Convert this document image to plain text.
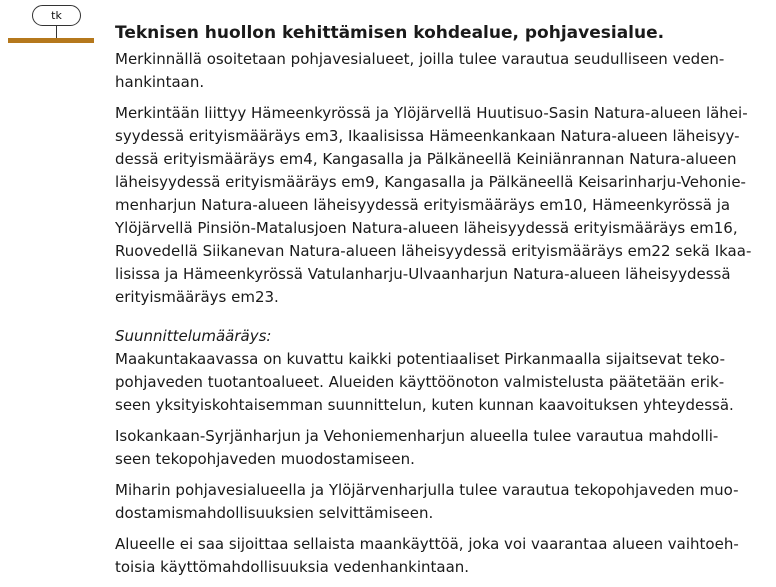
tk
Teknisen huollon kehittämisen kohdealue, pohjavesialue.
Merkinnällä osoitetaan pohjavesialueet, joilla tulee varautua seudulliseen veden-
hankintaan.
Merkintään liittyy Hämeenkyrössä ja Ylöjärvellä Huutisuo-Sasin Natura-alueen lähei-
syydessä erityismääräys em3, Ikaalisissa Hämeenkankaan Natura-alueen läheisyy-
dessä erityismääräys em4, Kangasalla ja Pälkäneellä Keiniänrannan Natura-alueen
läheisyydessä erityismääräys em9, Kangasalla ja Pälkäneellä Keisarinharju-Vehonie-
menharjun Natura-alueen läheisyydessä erityismääräys em10, Hämeenkyrössä ja
Ylöjärvellä Pinsiön-Matalusjoen Natura-alueen läheisyydessä erityismääräys em16,
Ruovedellä Siikanevan Natura-alueen läheisyydessä erityismääräys em22 sekä Ikaa-
lisissa ja Hämeenkyrössä Vatulanharju-Ulvaanharjun Natura-alueen läheisyydessä
erityismääräys em23.
Suunnittelumääräys:
Maakuntakaavassa on kuvattu kaikki potentiaaliset Pirkanmaalla sijaitsevat teko-
pohjaveden tuotantoalueet. Alueiden käyttöönoton valmistelusta päätetään erik-
seen yksityiskohtaisemman suunnittelun, kuten kunnan kaavoituksen yhteydessä.
Isokankaan-Syrjänharjun ja Vehoniemenharjun alueella tulee varautua mahdolli-
seen tekopohjaveden muodostamiseen.
Miharin pohjavesialueella ja Ylöjärvenharjulla tulee varautua tekopohjaveden muo-
dostamismahdollisuuksien selvittämiseen.
Alueelle ei saa sijoittaa sellaista maankäyttöä, joka voi vaarantaa alueen vaihtoeh-
toisia käyttömahdollisuuksia vedenhankintaan.
